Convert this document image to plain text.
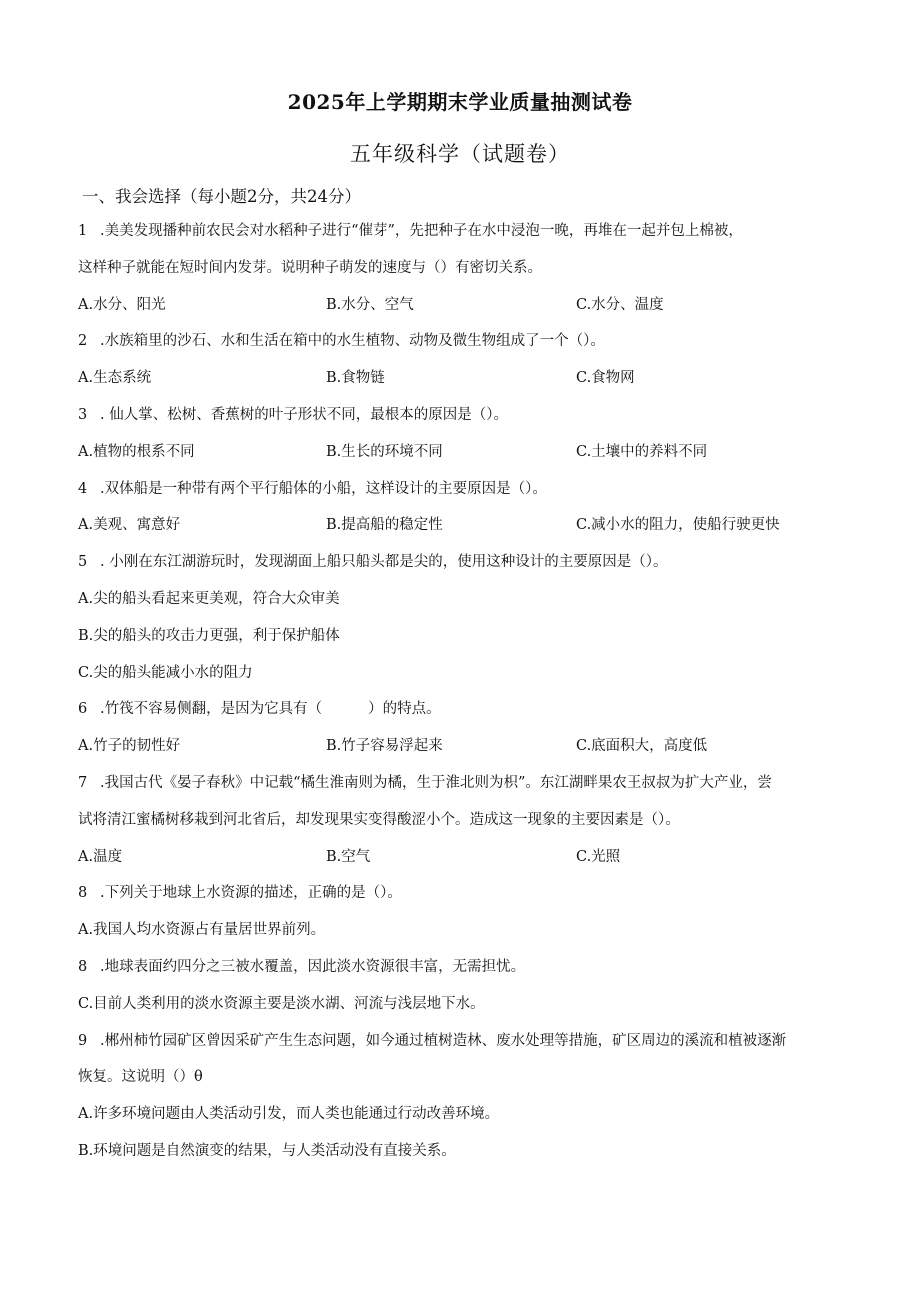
2025年上学期期末学业质量抽测试卷
五年级科学（试题卷）
一、我会选择（每小题2分，共24分）
1 .美美发现播种前农民会对水稻种子进行“催芽”，先把种子在水中浸泡一晚，再堆在一起并包上棉被，
这样种子就能在短时间内发芽。说明种子萌发的速度与（）有密切关系。
A.水分、阳光	B.水分、空气	C.水分、温度
2 .水族箱里的沙石、水和生活在箱中的水生植物、动物及微生物组成了一个（）。
A.生态系统	B.食物链	C.食物网
3 . 仙人掌、松树、香蕉树的叶子形状不同，最根本的原因是（）。
A.植物的根系不同	B.生长的环境不同	C.土壤中的养料不同
4 .双体船是一种带有两个平行船体的小船，这样设计的主要原因是（）。
A.美观、寓意好	B.提高船的稳定性	C.减小水的阻力，使船行驶更快
5 . 小刚在东江湖游玩时，发现湖面上船只船头都是尖的，使用这种设计的主要原因是（）。
A.尖的船头看起来更美观，符合大众审美
B.尖的船头的攻击力更强，利于保护船体
C.尖的船头能减小水的阻力
6 .竹筏不容易侧翻，是因为它具有（	）的特点。
A.竹子的韧性好	B.竹子容易浮起来	C.底面积大，高度低
7 .我国古代《晏子春秋》中记载“橘生淮南则为橘，生于淮北则为枳”。东江湖畔果农王叔叔为扩大产业，尝
试将清江蜜橘树移栽到河北省后，却发现果实变得酸涩小个。造成这一现象的主要因素是（）。
A.温度	B.空气	C.光照
8 .下列关于地球上水资源的描述，正确的是（）。
A.我国人均水资源占有量居世界前列。
8 .地球表面约四分之三被水覆盖，因此淡水资源很丰富，无需担忧。
C.目前人类利用的淡水资源主要是淡水湖、河流与浅层地下水。
9 .郴州柿竹园矿区曾因采矿产生生态问题，如今通过植树造林、废水处理等措施，矿区周边的溪流和植被逐渐
恢复。这说明（）θ
A.许多环境问题由人类活动引发，而人类也能通过行动改善环境。
B.环境问题是自然演变的结果，与人类活动没有直接关系。
